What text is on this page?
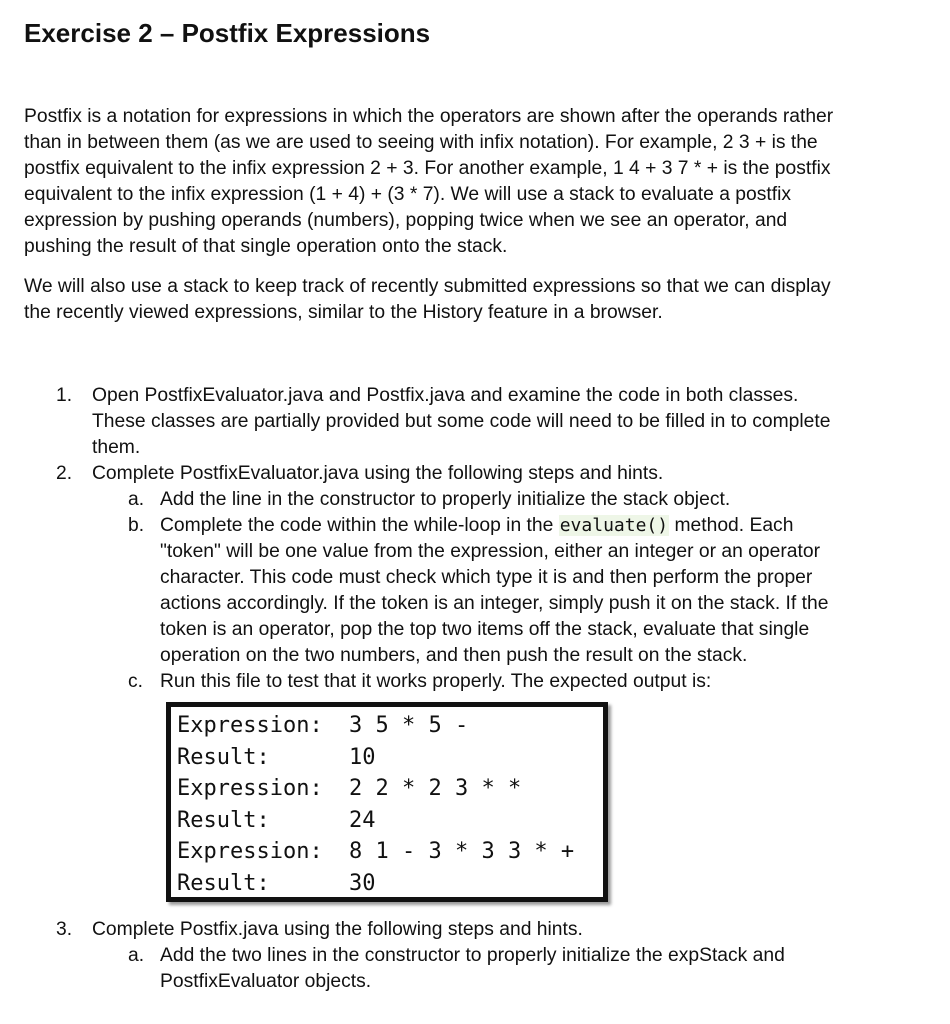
Exercise 2 – Postfix Expressions
Postfix is a notation for expressions in which the operators are shown after the operands rather
than in between them (as we are used to seeing with infix notation). For example, 2 3 + is the
postfix equivalent to the infix expression 2 + 3. For another example, 1 4 + 3 7 * + is the postfix
equivalent to the infix expression (1 + 4) + (3 * 7). We will use a stack to evaluate a postfix
expression by pushing operands (numbers), popping twice when we see an operator, and
pushing the result of that single operation onto the stack.
We will also use a stack to keep track of recently submitted expressions so that we can display
the recently viewed expressions, similar to the History feature in a browser.
1. Open PostfixEvaluator.java and Postfix.java and examine the code in both classes.
These classes are partially provided but some code will need to be filled in to complete
them.
2. Complete PostfixEvaluator.java using the following steps and hints.
a. Add the line in the constructor to properly initialize the stack object.
b. Complete the code within the while-loop in the evaluate() method. Each
"token" will be one value from the expression, either an integer or an operator
character. This code must check which type it is and then perform the proper
actions accordingly. If the token is an integer, simply push it on the stack. If the
token is an operator, pop the top two items off the stack, evaluate that single
operation on the two numbers, and then push the result on the stack.
c. Run this file to test that it works properly. The expected output is:
Expression: 3 5 * 5 -
Result:	10
Expression: 2 2 * 2 3 * *
Result:	24
Expression: 8 1 - 3 * 3 3 * +
Result:	30
3. Complete Postfix.java using the following steps and hints.
a. Add the two lines in the constructor to properly initialize the expStack and
PostfixEvaluator objects.
